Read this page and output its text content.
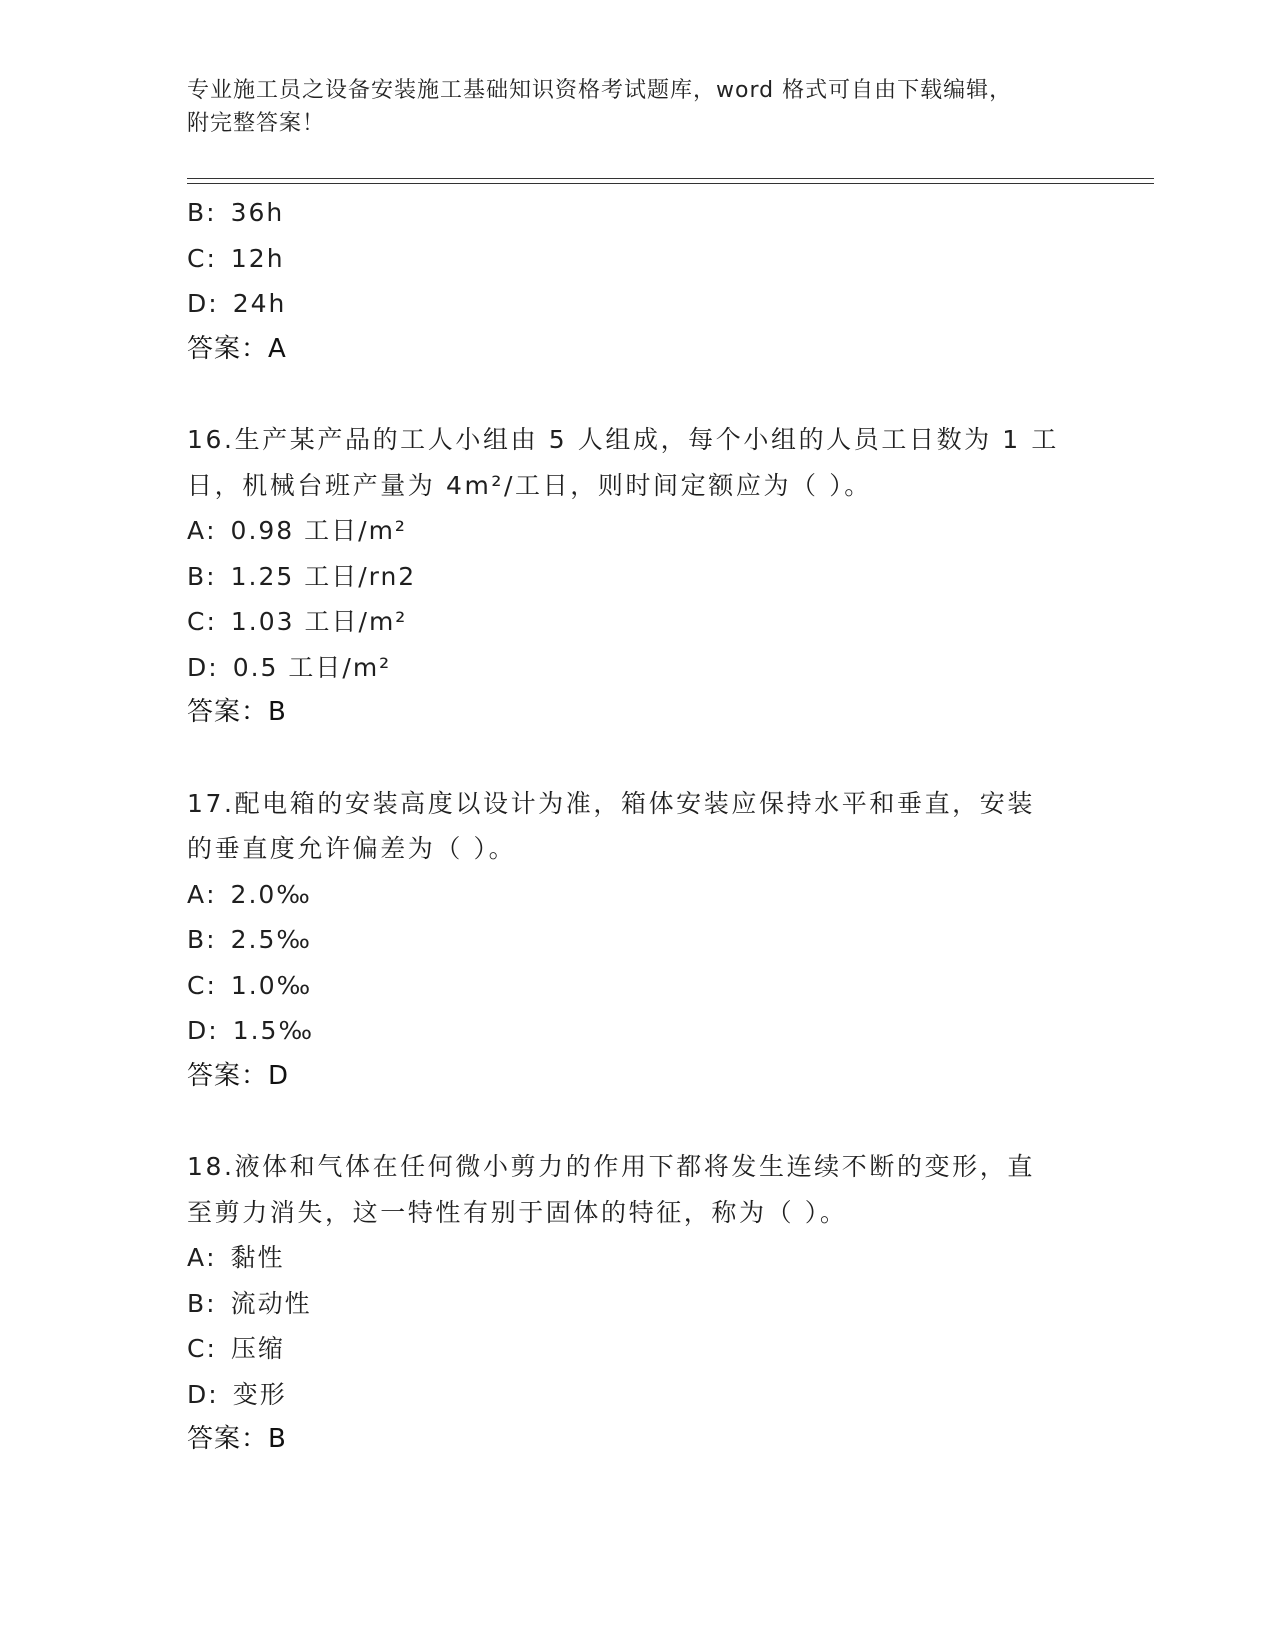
专业施工员之设备安装施工基础知识资格考试题库，word 格式可自由下载编辑，
附完整答案！
B: 36h
C: 12h
D: 24h
答案：A
16.生产某产品的工人小组由 5 人组成，每个小组的人员工日数为 1 工
日，机械台班产量为 4m²/工日，则时间定额应为（ ）。
A: 0.98 工日/m²
B: 1.25 工日/rn2
C: 1.03 工日/m²
D: 0.5 工日/m²
答案：B
17.配电箱的安装高度以设计为准，箱体安装应保持水平和垂直，安装
的垂直度允许偏差为（ ）。
A: 2.0‰
B: 2.5‰
C: 1.0‰
D: 1.5‰
答案：D
18.液体和气体在任何微小剪力的作用下都将发生连续不断的变形，直
至剪力消失，这一特性有别于固体的特征，称为（ ）。
A: 黏性
B: 流动性
C: 压缩
D: 变形
答案：B
